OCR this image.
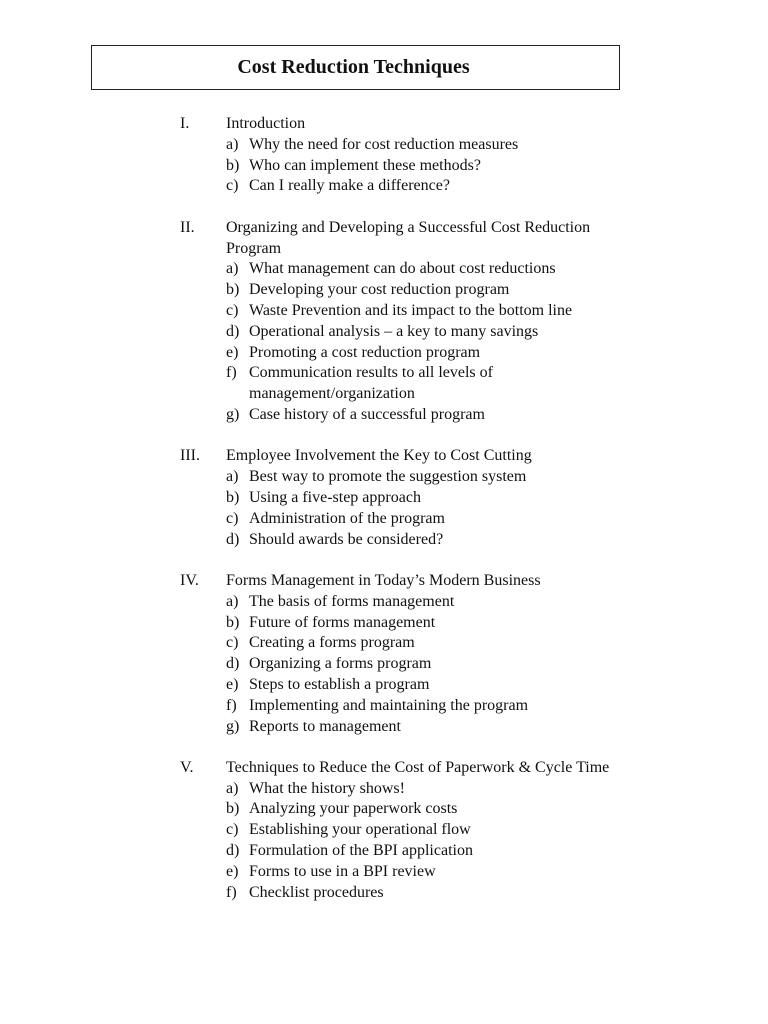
Cost Reduction Techniques
I. Introduction
a) Why the need for cost reduction measures
b) Who can implement these methods?
c) Can I really make a difference?
II. Organizing and Developing a Successful Cost Reduction Program
a) What management can do about cost reductions
b) Developing your cost reduction program
c) Waste Prevention and its impact to the bottom line
d) Operational analysis – a key to many savings
e) Promoting a cost reduction program
f) Communication results to all levels of management/organization
g) Case history of a successful program
III. Employee Involvement the Key to Cost Cutting
a) Best way to promote the suggestion system
b) Using a five-step approach
c) Administration of the program
d) Should awards be considered?
IV. Forms Management in Today’s Modern Business
a) The basis of forms management
b) Future of forms management
c) Creating a forms program
d) Organizing a forms program
e) Steps to establish a program
f) Implementing and maintaining the program
g) Reports to management
V. Techniques to Reduce the Cost of Paperwork & Cycle Time
a) What the history shows!
b) Analyzing your paperwork costs
c) Establishing your operational flow
d) Formulation of the BPI application
e) Forms to use in a BPI review
f) Checklist procedures
